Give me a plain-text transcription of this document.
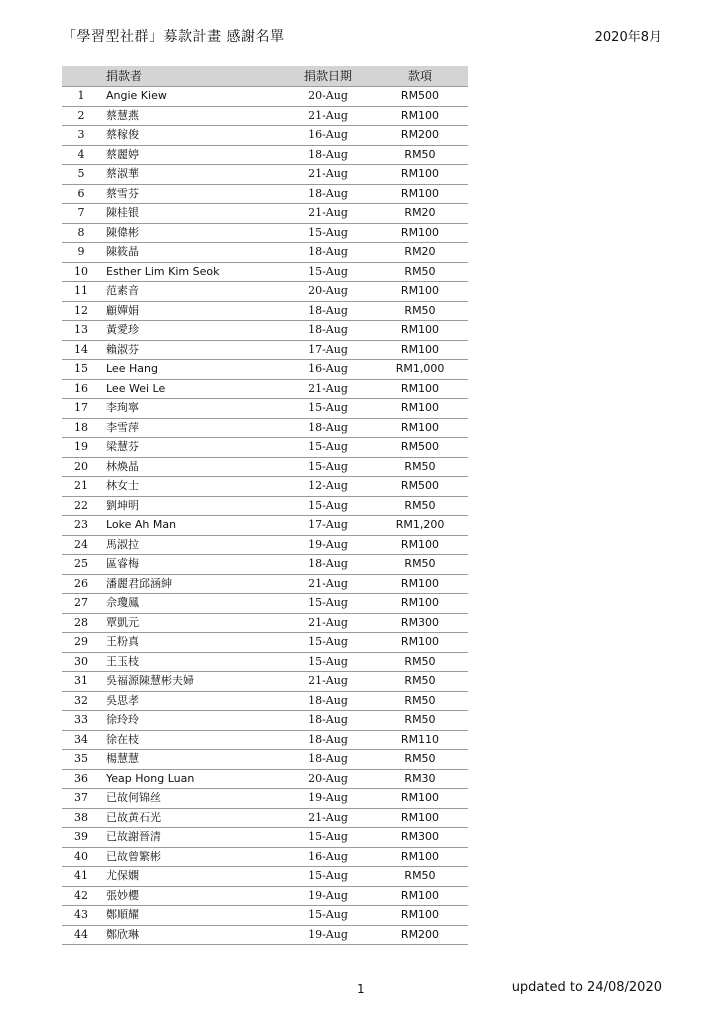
「學習型社群」募款計畫 感謝名單	2020年8月
	捐款者	捐款日期	款項
1	Angie Kiew	20-Aug	RM500
2	蔡慧燕	21-Aug	RM100
3	蔡稼俊	16-Aug	RM200
4	蔡麗婷	18-Aug	RM50
5	蔡淑華	21-Aug	RM100
6	蔡雪芬	18-Aug	RM100
7	陳桂银	21-Aug	RM20
8	陳偉彬	15-Aug	RM100
9	陳筱晶	18-Aug	RM20
10	Esther Lim Kim Seok	15-Aug	RM50
11	范素音	20-Aug	RM100
12	顧嬋娟	18-Aug	RM50
13	黃愛珍	18-Aug	RM100
14	賴淑芬	17-Aug	RM100
15	Lee Hang	16-Aug	RM1,000
16	Lee Wei Le	21-Aug	RM100
17	李珣寧	15-Aug	RM100
18	李雪萍	18-Aug	RM100
19	梁慧芬	15-Aug	RM500
20	林煥晶	15-Aug	RM50
21	林女士	12-Aug	RM500
22	劉坤明	15-Aug	RM50
23	Loke Ah Man	17-Aug	RM1,200
24	馬淑拉	19-Aug	RM100
25	區睿梅	18-Aug	RM50
26	潘麗君邱涵紳	21-Aug	RM100
27	佘瓊鳳	15-Aug	RM100
28	覃凱元	21-Aug	RM300
29	王粉真	15-Aug	RM100
30	王玉枝	15-Aug	RM50
31	吳福源陳慧彬夫婦	21-Aug	RM50
32	吳思孝	18-Aug	RM50
33	徐玲玲	18-Aug	RM50
34	徐在枝	18-Aug	RM110
35	楊慧慧	18-Aug	RM50
36	Yeap Hong Luan	20-Aug	RM30
37	已故何锦丝	19-Aug	RM100
38	已故黄石光	21-Aug	RM100
39	已故謝晉清	15-Aug	RM300
40	已故曾繁彬	16-Aug	RM100
41	尤保嫻	15-Aug	RM50
42	張妙櫻	19-Aug	RM100
43	鄭順耀	15-Aug	RM100
44	鄭欣琳	19-Aug	RM200
1	updated to 24/08/2020
